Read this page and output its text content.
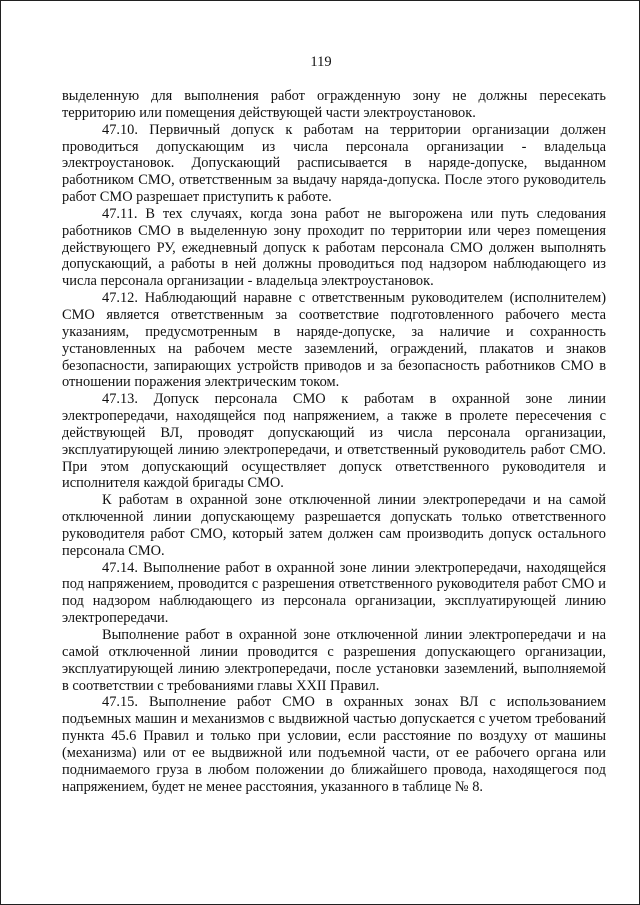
119

выделенную для выполнения работ огражденную зону не должны пересекать территорию или помещения действующей части электроустановок.

47.10. Первичный допуск к работам на территории организации должен проводиться допускающим из числа персонала организации - владельца электроустановок. Допускающий расписывается в наряде-допуске, выданном работником СМО, ответственным за выдачу наряда-допуска. После этого руководитель работ СМО разрешает приступить к работе.

47.11. В тех случаях, когда зона работ не выгорожена или путь следования работников СМО в выделенную зону проходит по территории или через помещения действующего РУ, ежедневный допуск к работам персонала СМО должен выполнять допускающий, а работы в ней должны проводиться под надзором наблюдающего из числа персонала организации - владельца электроустановок.

47.12. Наблюдающий наравне с ответственным руководителем (исполнителем) СМО является ответственным за соответствие подготовленного рабочего места указаниям, предусмотренным в наряде-допуске, за наличие и сохранность установленных на рабочем месте заземлений, ограждений, плакатов и знаков безопасности, запирающих устройств приводов и за безопасность работников СМО в отношении поражения электрическим током.

47.13. Допуск персонала СМО к работам в охранной зоне линии электропередачи, находящейся под напряжением, а также в пролете пересечения с действующей ВЛ, проводят допускающий из числа персонала организации, эксплуатирующей линию электропередачи, и ответственный руководитель работ СМО. При этом допускающий осуществляет допуск ответственного руководителя и исполнителя каждой бригады СМО.

К работам в охранной зоне отключенной линии электропередачи и на самой отключенной линии допускающему разрешается допускать только ответственного руководителя работ СМО, который затем должен сам производить допуск остального персонала СМО.

47.14. Выполнение работ в охранной зоне линии электропередачи, находящейся под напряжением, проводится с разрешения ответственного руководителя работ СМО и под надзором наблюдающего из персонала организации, эксплуатирующей линию электропередачи.

Выполнение работ в охранной зоне отключенной линии электропередачи и на самой отключенной линии проводится с разрешения допускающего организации, эксплуатирующей линию электропередачи, после установки заземлений, выполняемой в соответствии с требованиями главы XXII Правил.

47.15. Выполнение работ СМО в охранных зонах ВЛ с использованием подъемных машин и механизмов с выдвижной частью допускается с учетом требований пункта 45.6 Правил и только при условии, если расстояние по воздуху от машины (механизма) или от ее выдвижной или подъемной части, от ее рабочего органа или поднимаемого груза в любом положении до ближайшего провода, находящегося под напряжением, будет не менее расстояния, указанного в таблице № 8.
